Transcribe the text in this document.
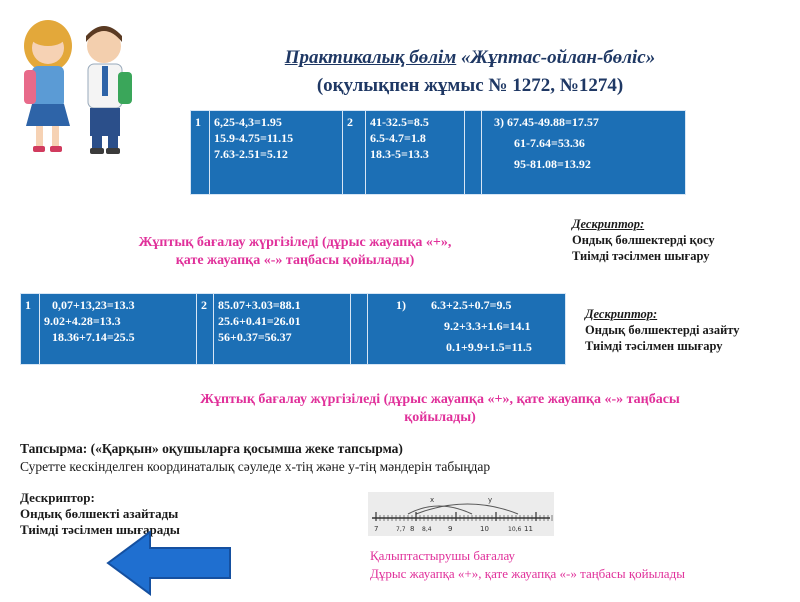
Практикалық бөлім «Жұптас-ойлан-бөліс»
(оқулықпен жұмыс № 1272, №1274)
1	6,25-4,3=1.95
15.9-4.75=11.15
7.63-2.51=5.12
	2	41-32.5=8.5
6.5-4.7=1.8
18.3-5=13.3

3) 67.45-49.88=17.57
61-7.64=53.36
95-81.08=13.92
Дескриптор:
Ондық бөлшектерді қосу
Тиімді тәсілмен шығару
Жұптық бағалау жүргізіледі (дұрыс жауапқа «+»,
қате жауапқа «-» таңбасы қойылады)
1	0,07+13,23=13.3
9.02+4.28=13.3
18.36+7.14=25.5
	2	85.07+3.03=88.1
25.6+0.41=26.01
56+0.37=56.37

1) 6.3+2.5+0.7=9.5
9.2+3.3+1.6=14.1
0.1+9.9+1.5=11.5
Дескриптор:
Ондық бөлшектерді азайту
Тиімді тәсілмен шығару
Жұптық бағалау жүргізіледі (дұрыс жауапқа «+», қате жауапқа «-» таңбасы
қойылады)
Тапсырма: («Қарқын» оқушыларға қосымша жеке тапсырма)
Суретте кескінделген координаталық сәуледе х-тің және у-тің мәндерін табыңдар
Дескриптор:
Ондық бөлшекті азайтады
Тиімді тәсілмен шығарады
x	y
7	7,7 8 8,4 9	10	10,6 11
Қалыптастырушы бағалау
Дұрыс жауапқа «+», қате жауапқа «-» таңбасы қойылады
